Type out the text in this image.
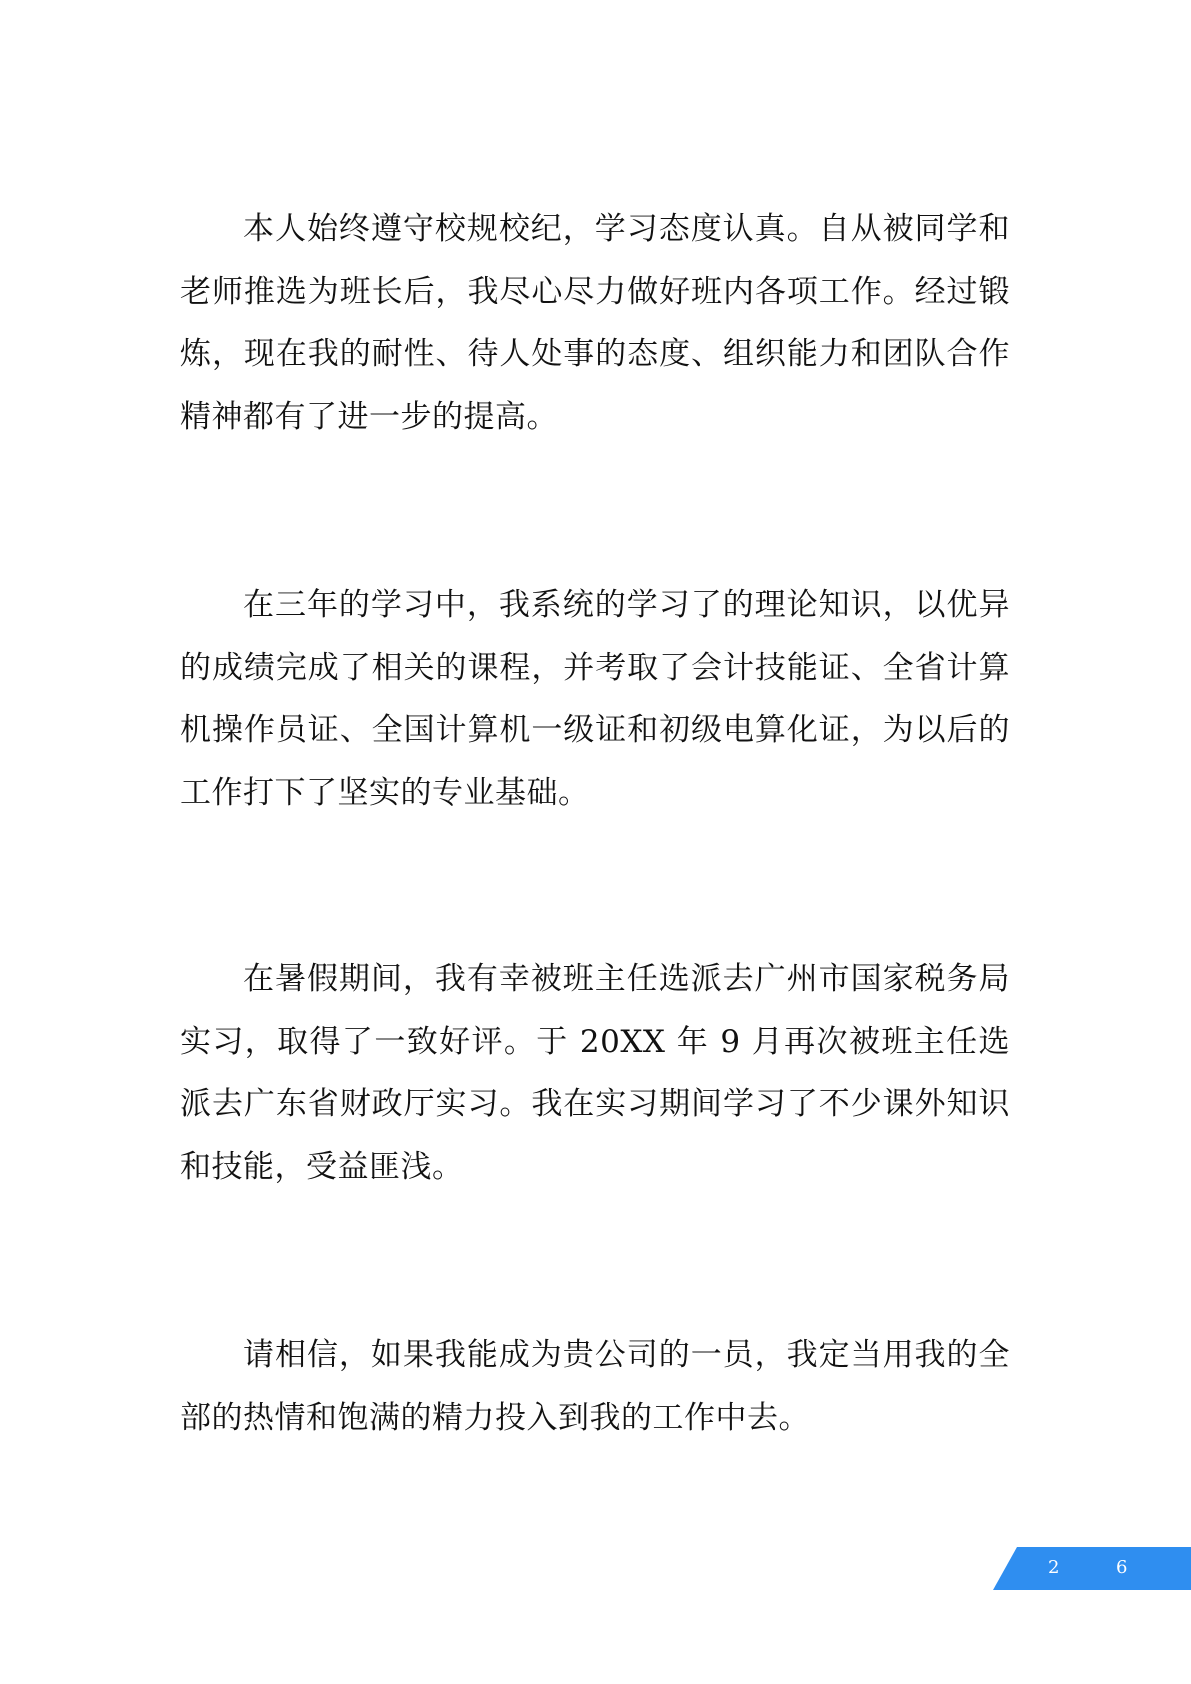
本人始终遵守校规校纪，学习态度认真。自从被同学和老师推选为班长后，我尽心尽力做好班内各项工作。经过锻炼，现在我的耐性、待人处事的态度、组织能力和团队合作精神都有了进一步的提高。

在三年的学习中，我系统的学习了的理论知识，以优异的成绩完成了相关的课程，并考取了会计技能证、全省计算机操作员证、全国计算机一级证和初级电算化证，为以后的工作打下了坚实的专业基础。

在暑假期间，我有幸被班主任选派去广州市国家税务局实习，取得了一致好评。于 20XX 年 9 月再次被班主任选派去广东省财政厅实习。我在实习期间学习了不少课外知识和技能，受益匪浅。

请相信，如果我能成为贵公司的一员，我定当用我的全部的热情和饱满的精力投入到我的工作中去。

2	6
